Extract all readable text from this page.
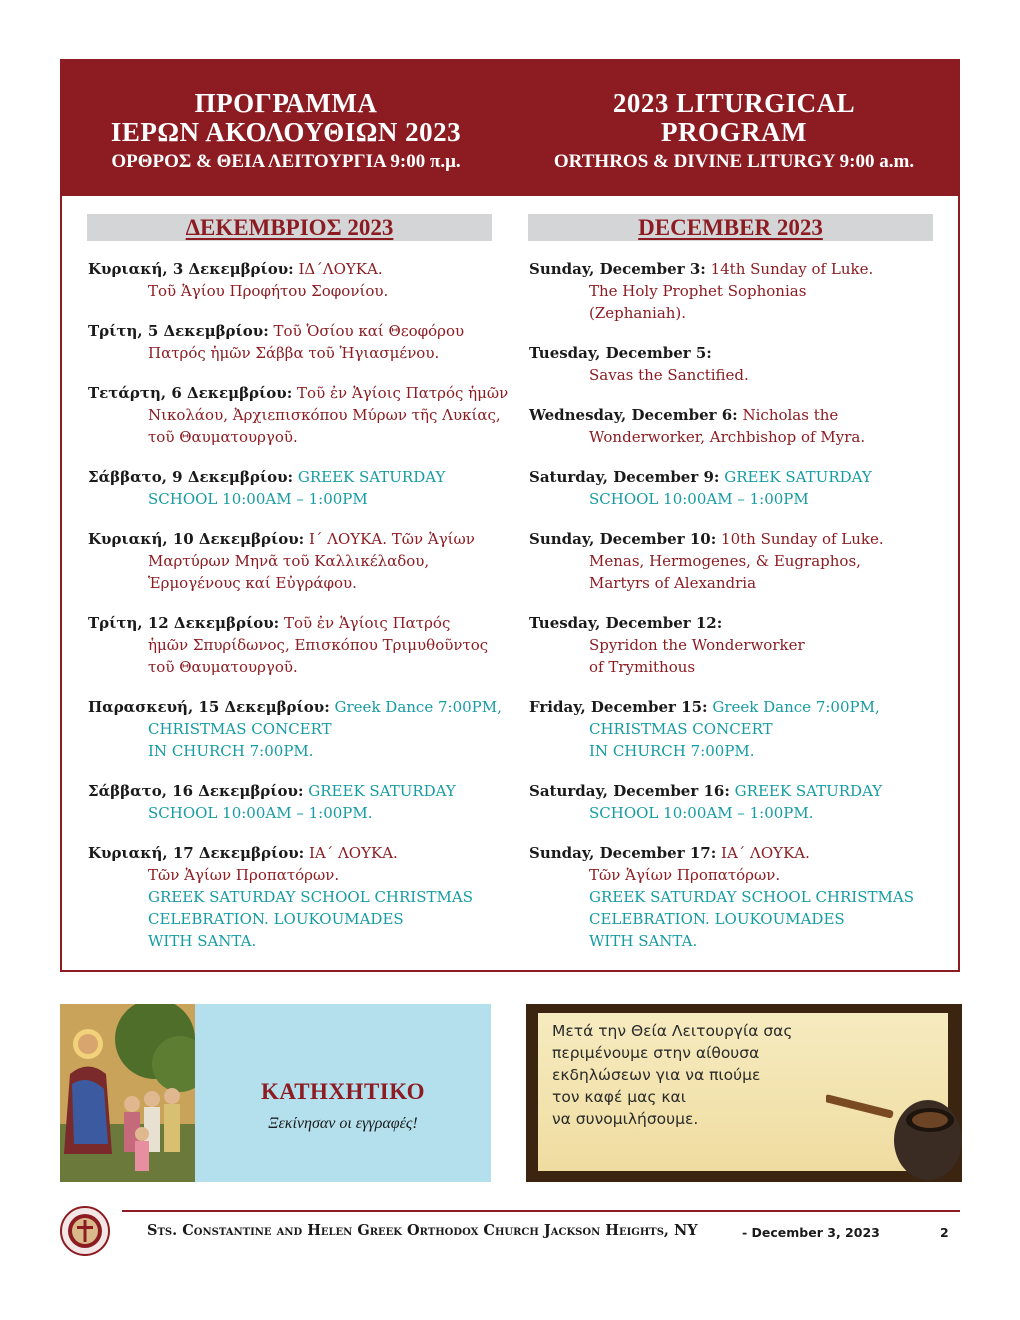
ΠΡΟΓΡΑΜΜΑ
ΙΕΡΩΝ ΑΚΟΛΟΥΘΙΩΝ 2023
ΟΡΘΡΟΣ & ΘΕΙΑ ΛΕΙΤΟΥΡΓΙΑ 9:00 π.μ.
2023 LITURGICAL
PROGRAM
ORTHROS & DIVINE LITURGY 9:00 a.m.
ΔΕΚΕΜΒΡΙΟΣ 2023	DECEMBER 2023
Κυριακή, 3 Δεκεμβρίου: ΙΔ΄ΛΟΥΚΑ.
Τοῦ Ἁγίου Προφήτου Σοφονίου.
Τρίτη, 5 Δεκεμβρίου: Τοῦ Ὁσίου καί Θεοφόρου
Πατρός ἡμῶν Σάββα τοῦ Ἡγιασμένου.
Τετάρτη, 6 Δεκεμβρίου: Τοῦ ἐν Ἁγίοις Πατρός ἡμῶν
Νικολάου, Ἀρχιεπισκόπου Μύρων τῆς Λυκίας,
τοῦ Θαυματουργοῦ.
Σάββατο, 9 Δεκεμβρίου: GREEK SATURDAY
SCHOOL 10:00AM – 1:00PM
Κυριακή, 10 Δεκεμβρίου: Ι΄ ΛΟΥΚΑ. Τῶν Ἁγίων
Μαρτύρων Μηνᾶ τοῦ Καλλικέλαδου,
Ἑρμογένους καί Εὐγράφου.
Τρίτη, 12 Δεκεμβρίου: Τοῦ ἐν Ἁγίοις Πατρός
ἡμῶν Σπυρίδωνος, Επισκόπου Τριμυθοῦντος
τοῦ Θαυματουργοῦ.
Παρασκευή, 15 Δεκεμβρίου: Greek Dance 7:00PM,
CHRISTMAS CONCERT
IN CHURCH 7:00PM.
Σάββατο, 16 Δεκεμβρίου: GREEK SATURDAY
SCHOOL 10:00AM – 1:00PM.
Κυριακή, 17 Δεκεμβρίου: ΙΑ΄ ΛΟΥΚΑ.
Τῶν Ἁγίων Προπατόρων.
GREEK SATURDAY SCHOOL CHRISTMAS
CELEBRATION. LOUKOUMADES
WITH SANTA.
Sunday, December 3: 14th Sunday of Luke.
The Holy Prophet Sophonias
(Zephaniah).
Tuesday, December 5:
Savas the Sanctified.
Wednesday, December 6: Nicholas the
Wonderworker, Archbishop of Myra.
Saturday, December 9: GREEK SATURDAY
SCHOOL 10:00AM – 1:00PM
Sunday, December 10: 10th Sunday of Luke.
Menas, Hermogenes, & Eugraphos,
Martyrs of Alexandria
Tuesday, December 12:
Spyridon the Wonderworker
of Trymithous
Friday, December 15: Greek Dance 7:00PM,
CHRISTMAS CONCERT
IN CHURCH 7:00PM.
Saturday, December 16: GREEK SATURDAY
SCHOOL 10:00AM – 1:00PM.
Sunday, December 17: ΙΑ΄ ΛΟΥΚΑ.
Τῶν Ἁγίων Προπατόρων.
GREEK SATURDAY SCHOOL CHRISTMAS
CELEBRATION. LOUKOUMADES
WITH SANTA.
ΚΑΤΗΧΗΤΙΚΟ
Ξεκίνησαν οι εγγραφές!
Μετά την Θεία Λειτουργία σας
περιμένουμε στην αίθουσα
εκδηλώσεων για να πιούμε
τον καφέ μας και
να συνομιλήσουμε.
Sts. Constantine and Helen Greek Orthodox Church Jackson Heights, NY	- December 3, 2023	2
